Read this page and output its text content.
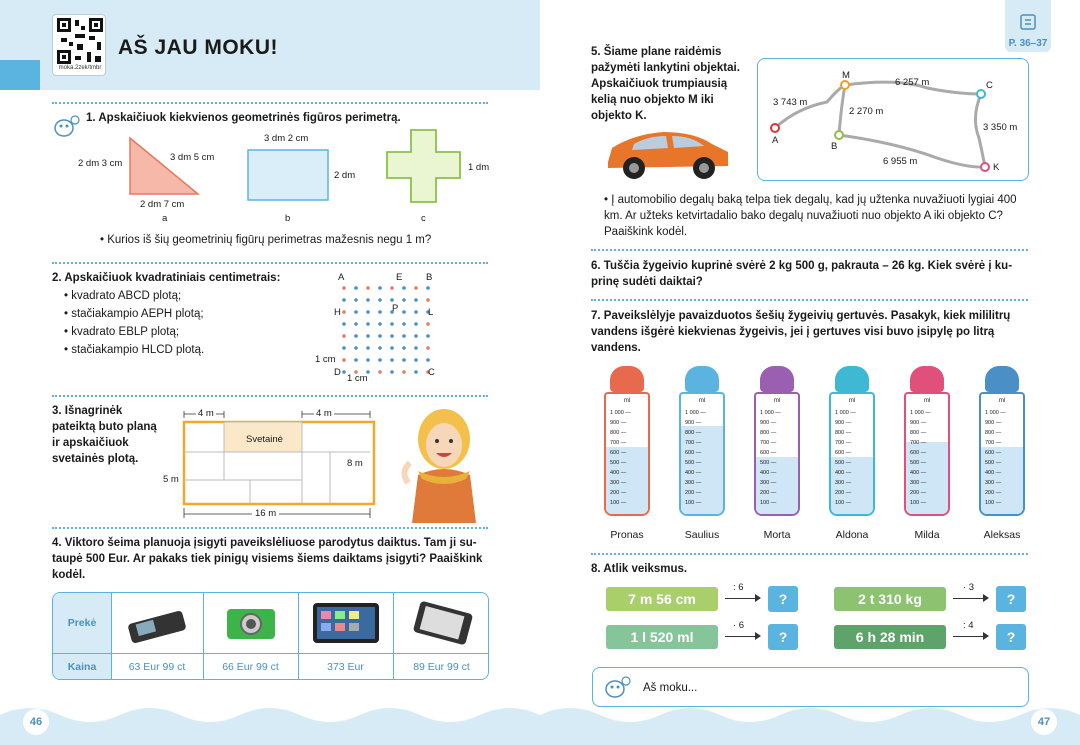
moka.2zek/tmbr
AŠ JAU MOKU!	P. 36–37
1. Apskaičiuok kiekvienos geometrinės figūros perimetrą.
2 dm 3 cm
3 dm 5 cm
2 dm 7 cm
a
3 dm 2 cm
2 dm
b
1 dm
c
• Kurios iš šių geometrinių figūrų perimetras mažesnis negu 1 m?
2. Apskaičiuok kvadratiniais centimetrais:
• kvadrato ABCD plotą;
• stačiakampio AEPH plotą;
• kvadrato EBLP plotą;
• stačiakampio HLCD plotą.
A	E B
H	P	L
D	C
1 cm
1 cm
3. Išnagrinėk pateiktą buto planą ir apskaičiuok svetainės plotą.
Svetainė
4 m	4 m
8 m
5 m
16 m
4. Viktoro šeima planuoja įsigyti paveikslėliuose parodytus daiktus. Tam ji sutaupė 500 Eur. Ar pakaks tiek pinigų visiems šiems daiktams įsigyti? Paaiškink kodėl.
Prekė
Kaina	63 Eur 99 ct	66 Eur 99 ct	373 Eur	89 Eur 99 ct
5. Šiame plane raidėmis pažymėti lankytini objektai. Apskaičiuok trumpiausią kelią nuo objekto M iki objekto K.
3 743 m
6 257 m
2 270 m
3 350 m
6 955 m
M
A
B
C
K
• Į automobilio degalų baką telpa tiek degalų, kad jų užtenka nuvažiuoti lygiai 400 km. Ar užteks ketvirtadalio bako degalų nuvažiuoti nuo objekto A iki objekto C? Paaiškink kodėl.
6. Tuščia žygeivio kuprinė svėrė 2 kg 500 g, pakrauta – 26 kg. Kiek svėrė į kuprinę sudėti daiktai?
7. Paveikslėlyje pavaizduotos šešių žygeivių gertuvės. Pasakyk, kiek mililitrų vandens išgėrė kiekvienas žygeivis, jei į gertuves visi buvo įsipylę po litrą vandens.
ml
1 000 —
900 —
800 —
700 —
600 —
500 —
400 —
300 —
200 —
100 —
Pronas
ml
1 000 —
900 —
800 —
700 —
600 —
500 —
400 —
300 —
200 —
100 —
Saulius
ml
1 000 —
900 —
800 —
700 —
600 —
500 —
400 —
300 —
200 —
100 —
Morta
ml
1 000 —
900 —
800 —
700 —
600 —
500 —
400 —
300 —
200 —
100 —
Aldona
ml
1 000 —
900 —
800 —
700 —
600 —
500 —
400 —
300 —
200 —
100 —
Milda
ml
1 000 —
900 —
800 —
700 —
600 —
500 —
400 —
300 —
200 —
100 —
Aleksas
8. Atlik veiksmus.
7 m 56 cm
: 6
?	2 t 310 kg
· 3
?
1 l 520 ml
· 6
?	6 h 28 min
: 4
?
Aš moku...
46	47
